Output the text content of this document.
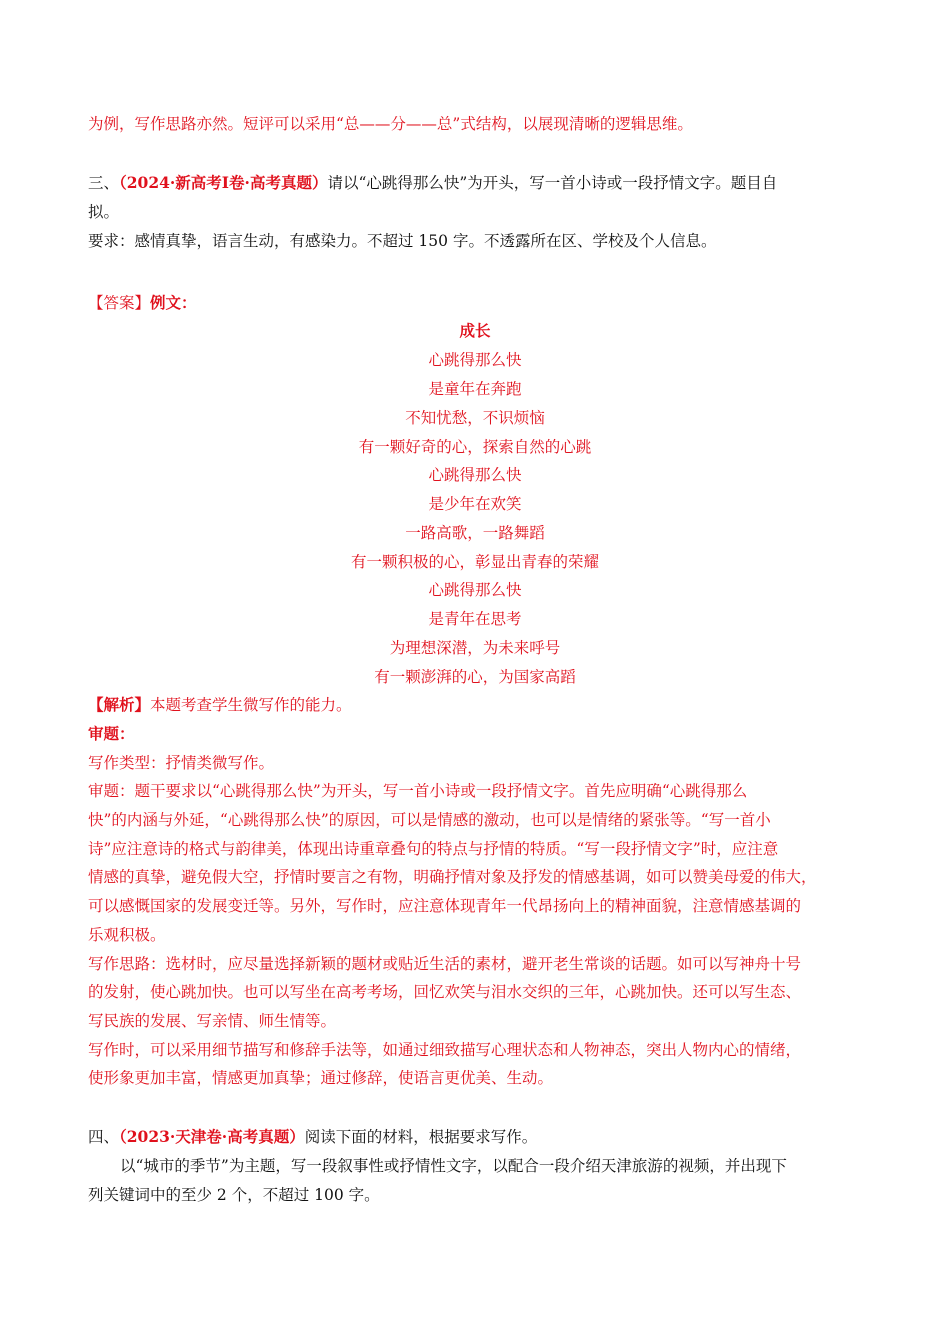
为例，写作思路亦然。短评可以采用“总——分——总”式结构，以展现清晰的逻辑思维。
三、（2024·新高考Ⅰ卷·高考真题）请以“心跳得那么快”为开头，写一首小诗或一段抒情文字。题目自
拟。
要求：感情真挚，语言生动，有感染力。不超过 150 字。不透露所在区、学校及个人信息。
【答案】例文：
成长
心跳得那么快
是童年在奔跑
不知忧愁，不识烦恼
有一颗好奇的心，探索自然的心跳
心跳得那么快
是少年在欢笑
一路高歌，一路舞蹈
有一颗积极的心，彰显出青春的荣耀
心跳得那么快
是青年在思考
为理想深潜，为未来呼号
有一颗澎湃的心，为国家高蹈
【解析】本题考查学生微写作的能力。
审题：
写作类型：抒情类微写作。
审题：题干要求以“心跳得那么快”为开头，写一首小诗或一段抒情文字。首先应明确“心跳得那么
快”的内涵与外延，“心跳得那么快”的原因，可以是情感的激动，也可以是情绪的紧张等。“写一首小
诗”应注意诗的格式与韵律美，体现出诗重章叠句的特点与抒情的特质。“写一段抒情文字”时，应注意
情感的真挚，避免假大空，抒情时要言之有物，明确抒情对象及抒发的情感基调，如可以赞美母爱的伟大，
可以感慨国家的发展变迁等。另外，写作时，应注意体现青年一代昂扬向上的精神面貌，注意情感基调的
乐观积极。
写作思路：选材时，应尽量选择新颖的题材或贴近生活的素材，避开老生常谈的话题。如可以写神舟十号
的发射，使心跳加快。也可以写坐在高考考场，回忆欢笑与泪水交织的三年，心跳加快。还可以写生态、
写民族的发展、写亲情、师生情等。
写作时，可以采用细节描写和修辞手法等，如通过细致描写心理状态和人物神态，突出人物内心的情绪，
使形象更加丰富，情感更加真挚；通过修辞，使语言更优美、生动。
四、（2023·天津卷·高考真题）阅读下面的材料，根据要求写作。
以“城市的季节”为主题，写一段叙事性或抒情性文字，以配合一段介绍天津旅游的视频，并出现下
列关键词中的至少 2 个，不超过 100 字。
